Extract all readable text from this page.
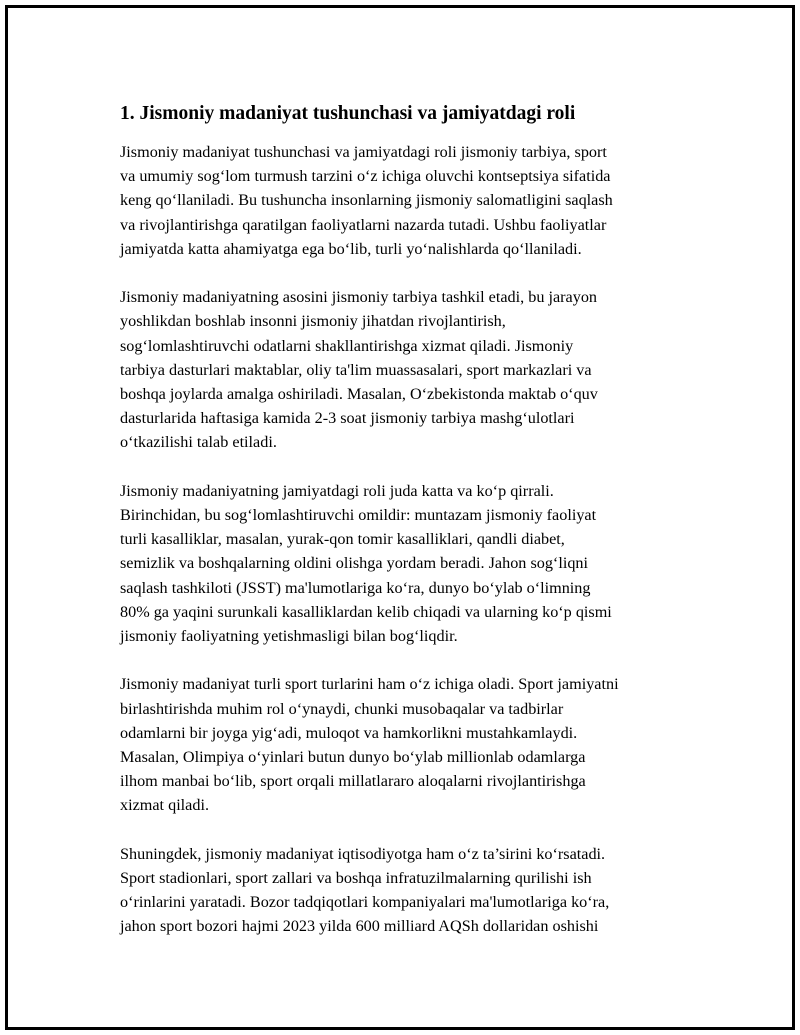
1. Jismoniy madaniyat tushunchasi va jamiyatdagi roli

Jismoniy madaniyat tushunchasi va jamiyatdagi roli jismoniy tarbiya, sport
va umumiy sog‘lom turmush tarzini o‘z ichiga oluvchi kontseptsiya sifatida
keng qo‘llaniladi. Bu tushuncha insonlarning jismoniy salomatligini saqlash
va rivojlantirishga qaratilgan faoliyatlarni nazarda tutadi. Ushbu faoliyatlar
jamiyatda katta ahamiyatga ega bo‘lib, turli yo‘nalishlarda qo‘llaniladi.

Jismoniy madaniyatning asosini jismoniy tarbiya tashkil etadi, bu jarayon
yoshlikdan boshlab insonni jismoniy jihatdan rivojlantirish,
sog‘lomlashtiruvchi odatlarni shakllantirishga xizmat qiladi. Jismoniy
tarbiya dasturlari maktablar, oliy ta'lim muassasalari, sport markazlari va
boshqa joylarda amalga oshiriladi. Masalan, O‘zbekistonda maktab o‘quv
dasturlarida haftasiga kamida 2-3 soat jismoniy tarbiya mashg‘ulotlari
o‘tkazilishi talab etiladi.

Jismoniy madaniyatning jamiyatdagi roli juda katta va ko‘p qirrali.
Birinchidan, bu sog‘lomlashtiruvchi omildir: muntazam jismoniy faoliyat
turli kasalliklar, masalan, yurak-qon tomir kasalliklari, qandli diabet,
semizlik va boshqalarning oldini olishga yordam beradi. Jahon sog‘liqni
saqlash tashkiloti (JSST) ma'lumotlariga ko‘ra, dunyo bo‘ylab o‘limning
80% ga yaqini surunkali kasalliklardan kelib chiqadi va ularning ko‘p qismi
jismoniy faoliyatning yetishmasligi bilan bog‘liqdir.

Jismoniy madaniyat turli sport turlarini ham o‘z ichiga oladi. Sport jamiyatni
birlashtirishda muhim rol o‘ynaydi, chunki musobaqalar va tadbirlar
odamlarni bir joyga yig‘adi, muloqot va hamkorlikni mustahkamlaydi.
Masalan, Olimpiya o‘yinlari butun dunyo bo‘ylab millionlab odamlarga
ilhom manbai bo‘lib, sport orqali millatlararo aloqalarni rivojlantirishga
xizmat qiladi.

Shuningdek, jismoniy madaniyat iqtisodiyotga ham o‘z ta’sirini ko‘rsatadi.
Sport stadionlari, sport zallari va boshqa infratuzilmalarning qurilishi ish
o‘rinlarini yaratadi. Bozor tadqiqotlari kompaniyalari ma'lumotlariga ko‘ra,
jahon sport bozori hajmi 2023 yilda 600 milliard AQSh dollaridan oshishi
